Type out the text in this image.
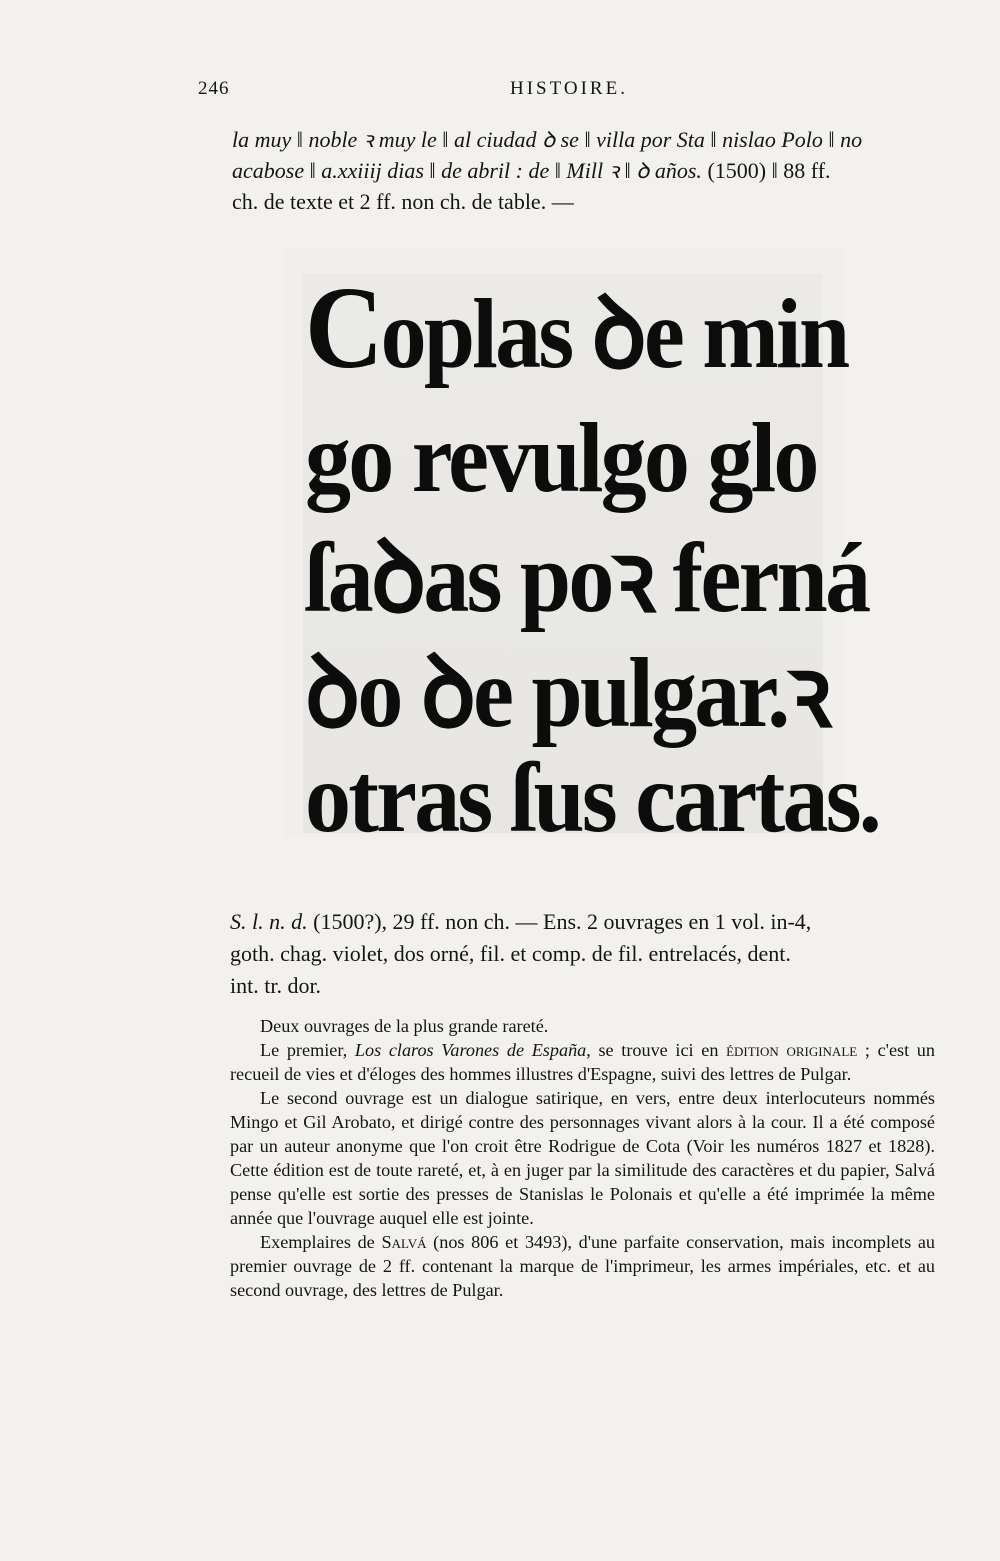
246	HISTOIRE.
la muy ‖ noble ꝛ muy le ‖ al ciudad ꝺ se ‖ villa por Sta ‖ nislao Polo ‖ no
acabose ‖ a.xxiiij dias ‖ de abril : de ‖ Mill ꝛ ‖ ꝺ años. (1500) ‖ 88 ff.
ch. de texte et 2 ff. non ch. de table. —
Coplas ꝺe min
go revulgo glo
ſaꝺas poꝛ ferná
ꝺo ꝺe pulgar.ꝛ
otras ſus cartas.
S. l. n. d. (1500?), 29 ff. non ch. — Ens. 2 ouvrages en 1 vol. in-4,
goth. chag. violet, dos orné, fil. et comp. de fil. entrelacés, dent.
int. tr. dor.

Deux ouvrages de la plus grande rareté.

Le premier, Los claros Varones de España, se trouve ici en édition originale ; c'est un recueil de vies et d'éloges des hommes illustres d'Espagne, suivi des lettres de Pulgar.

Le second ouvrage est un dialogue satirique, en vers, entre deux interlocuteurs nommés Mingo et Gil Arobato, et dirigé contre des personnages vivant alors à la cour. Il a été composé par un auteur anonyme que l'on croit être Rodrigue de Cota (Voir les numéros 1827 et 1828). Cette édition est de toute rareté, et, à en juger par la similitude des caractères et du papier, Salvá pense qu'elle est sortie des presses de Stanislas le Polonais et qu'elle a été imprimée la même année que l'ouvrage auquel elle est jointe.

Exemplaires de Salvá (nos 806 et 3493), d'une parfaite conservation, mais incomplets au premier ouvrage de 2 ff. contenant la marque de l'imprimeur, les armes impériales, etc. et au second ouvrage, des lettres de Pulgar.
